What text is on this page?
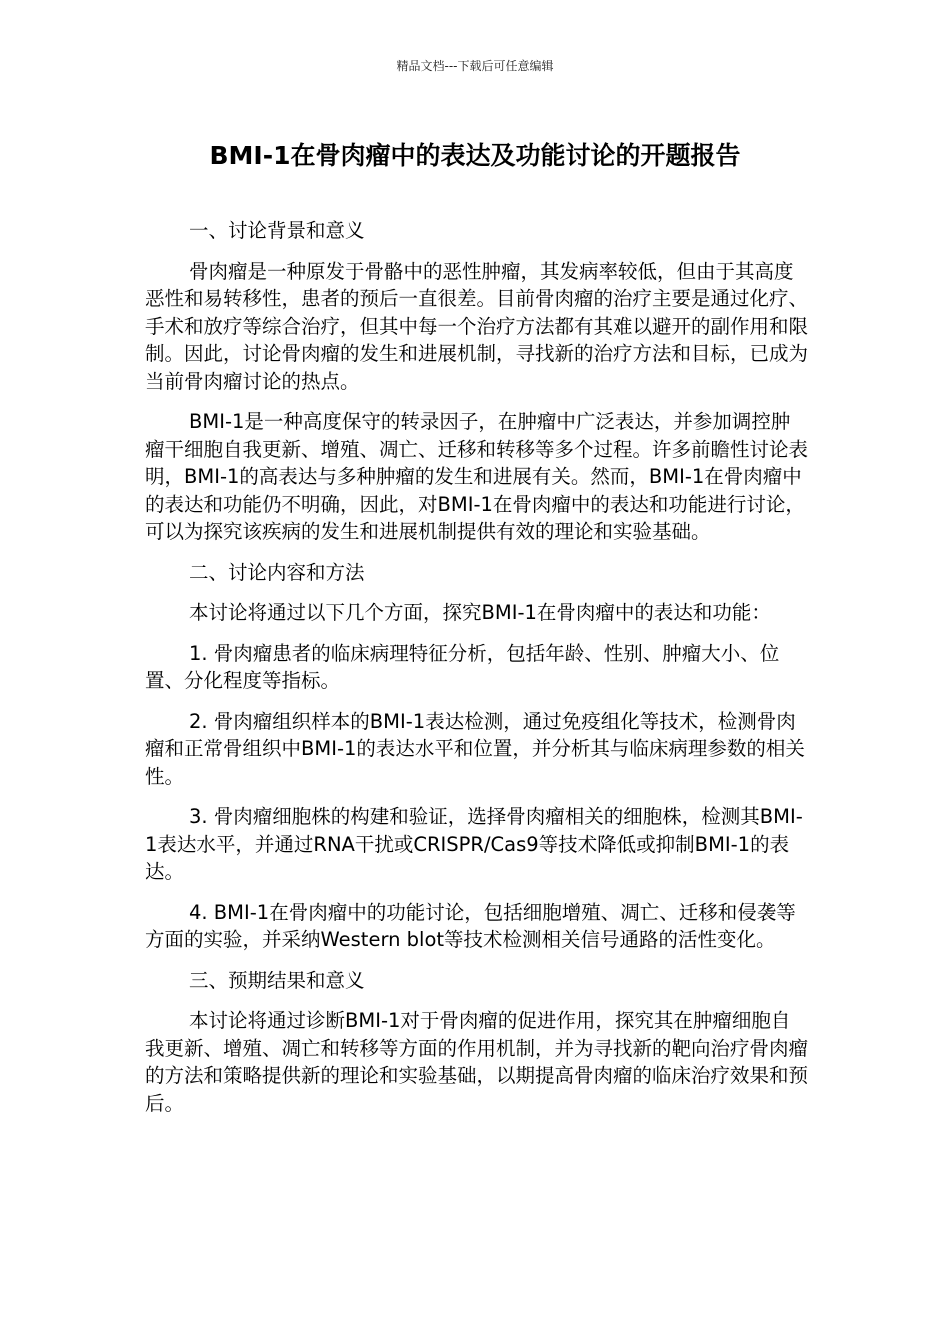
精品文档---下载后可任意编辑
BMI-1在骨肉瘤中的表达及功能讨论的开题报告

一、讨论背景和意义

骨肉瘤是一种原发于骨骼中的恶性肿瘤，其发病率较低，但由于其高度恶性和易转移性，患者的预后一直很差。目前骨肉瘤的治疗主要是通过化疗、手术和放疗等综合治疗，但其中每一个治疗方法都有其难以避开的副作用和限制。因此，讨论骨肉瘤的发生和进展机制，寻找新的治疗方法和目标，已成为当前骨肉瘤讨论的热点。

BMI-1是一种高度保守的转录因子，在肿瘤中广泛表达，并参加调控肿瘤干细胞自我更新、增殖、凋亡、迁移和转移等多个过程。许多前瞻性讨论表明，BMI-1的高表达与多种肿瘤的发生和进展有关。然而，BMI-1在骨肉瘤中的表达和功能仍不明确，因此，对BMI-1在骨肉瘤中的表达和功能进行讨论，可以为探究该疾病的发生和进展机制提供有效的理论和实验基础。

二、讨论内容和方法

本讨论将通过以下几个方面，探究BMI-1在骨肉瘤中的表达和功能：

1. 骨肉瘤患者的临床病理特征分析，包括年龄、性别、肿瘤大小、位置、分化程度等指标。

2. 骨肉瘤组织样本的BMI-1表达检测，通过免疫组化等技术，检测骨肉瘤和正常骨组织中BMI-1的表达水平和位置，并分析其与临床病理参数的相关性。

3. 骨肉瘤细胞株的构建和验证，选择骨肉瘤相关的细胞株，检测其BMI-1表达水平，并通过RNA干扰或CRISPR/Cas9等技术降低或抑制BMI-1的表达。

4. BMI-1在骨肉瘤中的功能讨论，包括细胞增殖、凋亡、迁移和侵袭等方面的实验，并采纳Western blot等技术检测相关信号通路的活性变化。

三、预期结果和意义

本讨论将通过诊断BMI-1对于骨肉瘤的促进作用，探究其在肿瘤细胞自我更新、增殖、凋亡和转移等方面的作用机制，并为寻找新的靶向治疗骨肉瘤的方法和策略提供新的理论和实验基础，以期提高骨肉瘤的临床治疗效果和预后。
